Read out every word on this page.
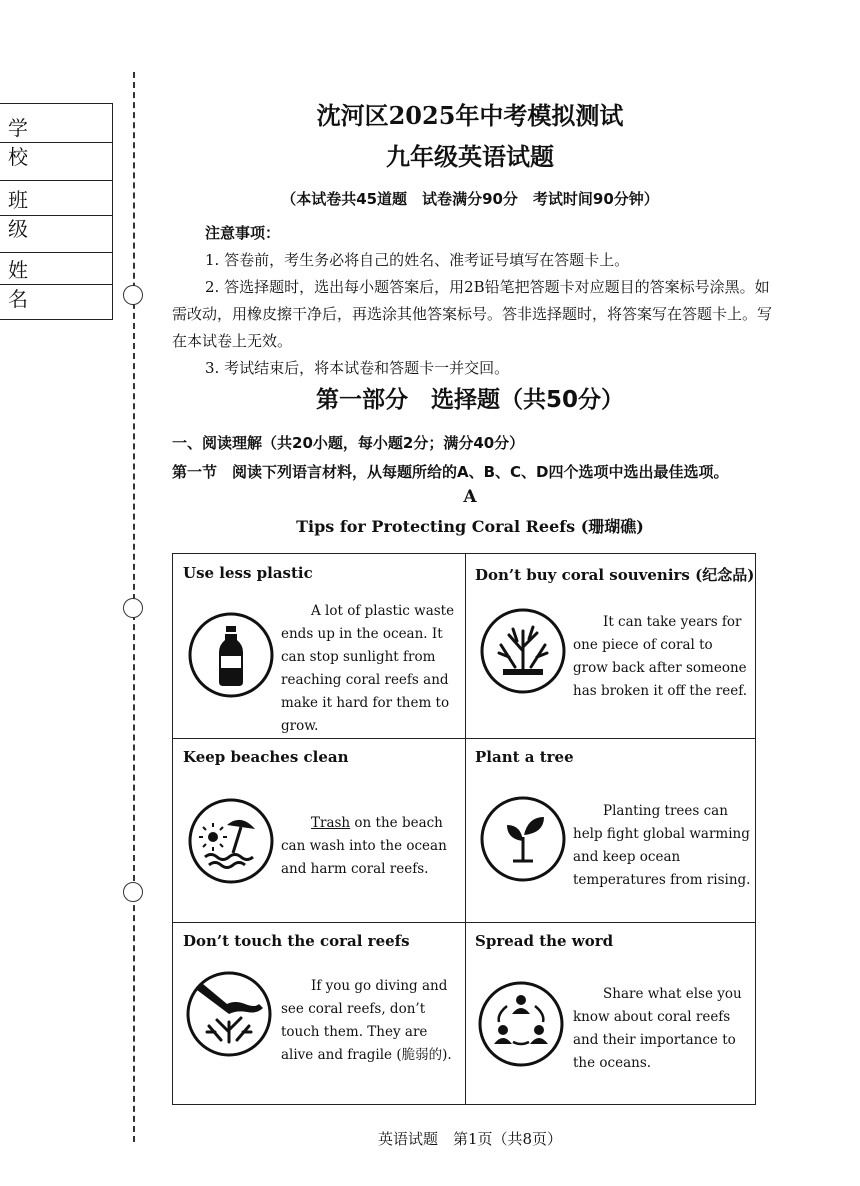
学校
班级
姓名
沈河区2025年中考模拟测试
九年级英语试题
（本试卷共45道题　试卷满分90分　考试时间90分钟）
注意事项：

1. 答卷前，考生务必将自己的姓名、准考证号填写在答题卡上。

2. 答选择题时，选出每小题答案后，用2B铅笔把答题卡对应题目的答案标号涂黑。如需改动，用橡皮擦干净后，再选涂其他答案标号。答非选择题时，将答案写在答题卡上。写在本试卷上无效。

3. 考试结束后，将本试卷和答题卡一并交回。

第一部分　选择题（共50分）
一、阅读理解（共20小题，每小题2分；满分40分）
第一节　阅读下列语言材料，从每题所给的A、B、C、D四个选项中选出最佳选项。
A
Tips for Protecting Coral Reefs (珊瑚礁)
Use less plastic
A lot of plastic waste ends up in the ocean. It can stop sunlight from reaching coral reefs and make it hard for them to grow.
Don’t buy coral souvenirs (纪念品)
It can take years for one piece of coral to grow back after someone has broken it off the reef.
Keep beaches clean
Trash on the beach can wash into the ocean and harm coral reefs.
Plant a tree
Planting trees can help fight global warming and keep ocean temperatures from rising.
Don’t touch the coral reefs
If you go diving and see coral reefs, don’t touch them. They are alive and fragile (脆弱的).
Spread the word
Share what else you know about coral reefs and their importance to the oceans.
英语试题　第1页（共8页）
